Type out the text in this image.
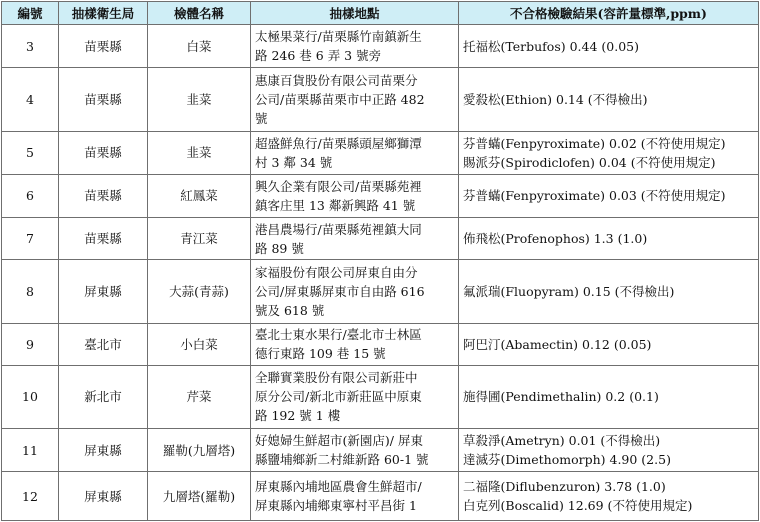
編號	抽樣衛生局	檢體名稱	抽樣地點	不合格檢驗結果(容許量標準,ppm)
3	苗栗縣	白菜	太極果菜行/苗栗縣竹南鎮新生
路 246 巷 6 弄 3 號旁	托福松(Terbufos) 0.44 (0.05)

4	苗栗縣	韭菜	惠康百貨股份有限公司苗栗分
公司/苗栗縣苗栗市中正路 482
號	愛殺松(Ethion) 0.14 (不得檢出)

5	苗栗縣	韭菜	超盛鮮魚行/苗栗縣頭屋鄉獅潭
村 3 鄰 34 號	芬普蟎(Fenpyroximate) 0.02 (不符使用規定)
賜派芬(Spirodiclofen) 0.04 (不符使用規定)

6	苗栗縣	紅鳳菜	興久企業有限公司/苗栗縣苑裡
鎮客庄里 13 鄰新興路 41 號	芬普蟎(Fenpyroximate) 0.03 (不符使用規定)

7	苗栗縣	青江菜	港昌農場行/苗栗縣苑裡鎮大同
路 89 號	佈飛松(Profenophos) 1.3 (1.0)

8	屏東縣	大蒜(青蒜)	家福股份有限公司屏東自由分
公司/屏東縣屏東市自由路 616
號及 618 號	氟派瑞(Fluopyram) 0.15 (不得檢出)

9	臺北市	小白菜	臺北士東水果行/臺北市士林區
德行東路 109 巷 15 號	阿巴汀(Abamectin) 0.12 (0.05)

10	新北市	芹菜	全聯實業股份有限公司新莊中
原分公司/新北市新莊區中原東
路 192 號 1 樓	施得圃(Pendimethalin) 0.2 (0.1)

11	屏東縣	羅勒(九層塔)	好媳婦生鮮超市(新園店)/ 屏東
縣鹽埔鄉新二村維新路 60-1 號	草殺淨(Ametryn) 0.01 (不得檢出)
達滅芬(Dimethomorph) 4.90 (2.5)

12	屏東縣	九層塔(羅勒)	屏東縣內埔地區農會生鮮超市/
屏東縣內埔鄉東寧村平昌街 1	二福隆(Diflubenzuron) 3.78 (1.0)
白克列(Boscalid) 12.69 (不符使用規定)
